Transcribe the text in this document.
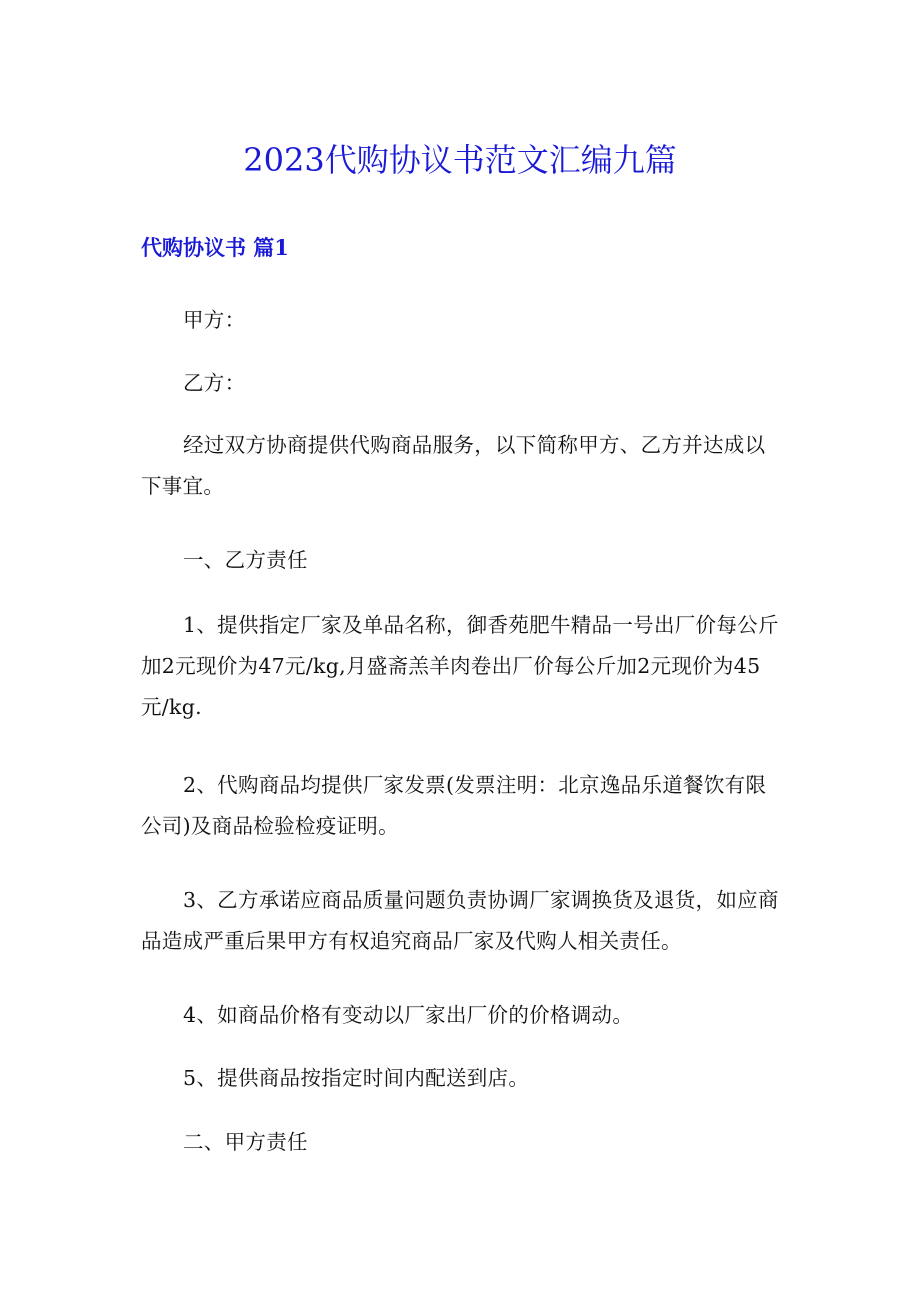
2023代购协议书范文汇编九篇
代购协议书 篇1

甲方：

乙方：

经过双方协商提供代购商品服务，以下简称甲方、乙方并达成以下事宜。

一、乙方责任

1、提供指定厂家及单品名称，御香苑肥牛精品一号出厂价每公斤加2元现价为47元/kg,月盛斋羔羊肉卷出厂价每公斤加2元现价为45元/kg.

2、代购商品均提供厂家发票(发票注明：北京逸品乐道餐饮有限公司)及商品检验检疫证明。

3、乙方承诺应商品质量问题负责协调厂家调换货及退货，如应商品造成严重后果甲方有权追究商品厂家及代购人相关责任。

4、如商品价格有变动以厂家出厂价的价格调动。

5、提供商品按指定时间内配送到店。

二、甲方责任
